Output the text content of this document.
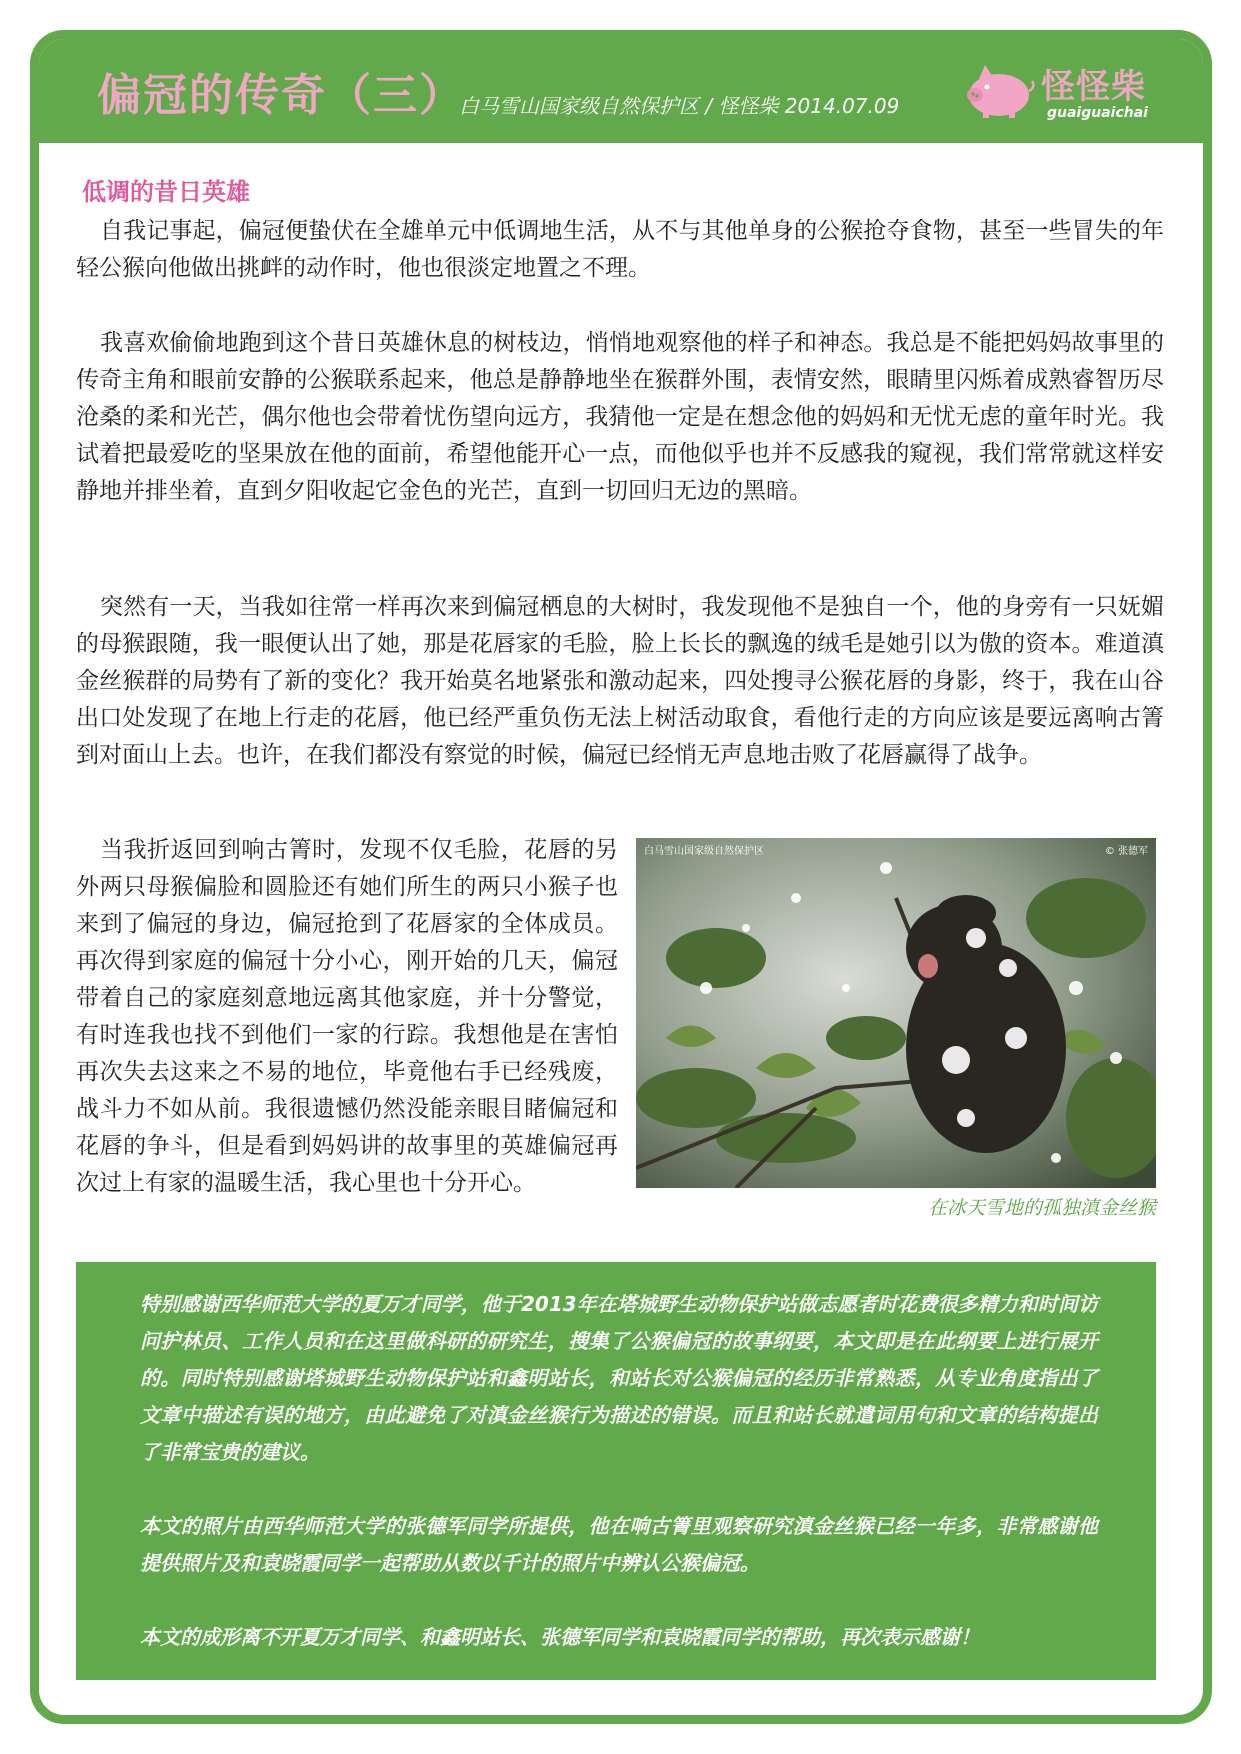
偏冠的传奇（三）
白马雪山国家级自然保护区 / 怪怪柴 2014.07.09	怪怪柴
guaiguaichai
低调的昔日英雄

自我记事起，偏冠便蛰伏在全雄单元中低调地生活，从不与其他单身的公猴抢夺食物，甚至一些冒失的年轻公猴向他做出挑衅的动作时，他也很淡定地置之不理。

我喜欢偷偷地跑到这个昔日英雄休息的树枝边，悄悄地观察他的样子和神态。我总是不能把妈妈故事里的传奇主角和眼前安静的公猴联系起来，他总是静静地坐在猴群外围，表情安然，眼睛里闪烁着成熟睿智历尽沧桑的柔和光芒，偶尔他也会带着忧伤望向远方，我猜他一定是在想念他的妈妈和无忧无虑的童年时光。我试着把最爱吃的坚果放在他的面前，希望他能开心一点，而他似乎也并不反感我的窥视，我们常常就这样安静地并排坐着，直到夕阳收起它金色的光芒，直到一切回归无边的黑暗。

突然有一天，当我如往常一样再次来到偏冠栖息的大树时，我发现他不是独自一个，他的身旁有一只妩媚的母猴跟随，我一眼便认出了她，那是花唇家的毛脸，脸上长长的飘逸的绒毛是她引以为傲的资本。难道滇金丝猴群的局势有了新的变化？我开始莫名地紧张和激动起来，四处搜寻公猴花唇的身影，终于，我在山谷出口处发现了在地上行走的花唇，他已经严重负伤无法上树活动取食，看他行走的方向应该是要远离响古箐到对面山上去。也许，在我们都没有察觉的时候，偏冠已经悄无声息地击败了花唇赢得了战争。

当我折返回到响古箐时，发现不仅毛脸，花唇的另外两只母猴偏脸和圆脸还有她们所生的两只小猴子也来到了偏冠的身边，偏冠抢到了花唇家的全体成员。再次得到家庭的偏冠十分小心，刚开始的几天，偏冠带着自己的家庭刻意地远离其他家庭，并十分警觉，有时连我也找不到他们一家的行踪。我想他是在害怕再次失去这来之不易的地位，毕竟他右手已经残废，战斗力不如从前。我很遗憾仍然没能亲眼目睹偏冠和花唇的争斗，但是看到妈妈讲的故事里的英雄偏冠再次过上有家的温暖生活，我心里也十分开心。

白马雪山国家级自然保护区	© 张德军
在冰天雪地的孤独滇金丝猴

特别感谢西华师范大学的夏万才同学，他于2013年在塔城野生动物保护站做志愿者时花费很多精力和时间访问护林员、工作人员和在这里做科研的研究生，搜集了公猴偏冠的故事纲要，本文即是在此纲要上进行展开的。同时特别感谢塔城野生动物保护站和鑫明站长，和站长对公猴偏冠的经历非常熟悉，从专业角度指出了文章中描述有误的地方，由此避免了对滇金丝猴行为描述的错误。而且和站长就遣词用句和文章的结构提出了非常宝贵的建议。

本文的照片由西华师范大学的张德军同学所提供，他在响古箐里观察研究滇金丝猴已经一年多，非常感谢他提供照片及和袁晓霞同学一起帮助从数以千计的照片中辨认公猴偏冠。

本文的成形离不开夏万才同学、和鑫明站长、张德军同学和袁晓霞同学的帮助，再次表示感谢！
